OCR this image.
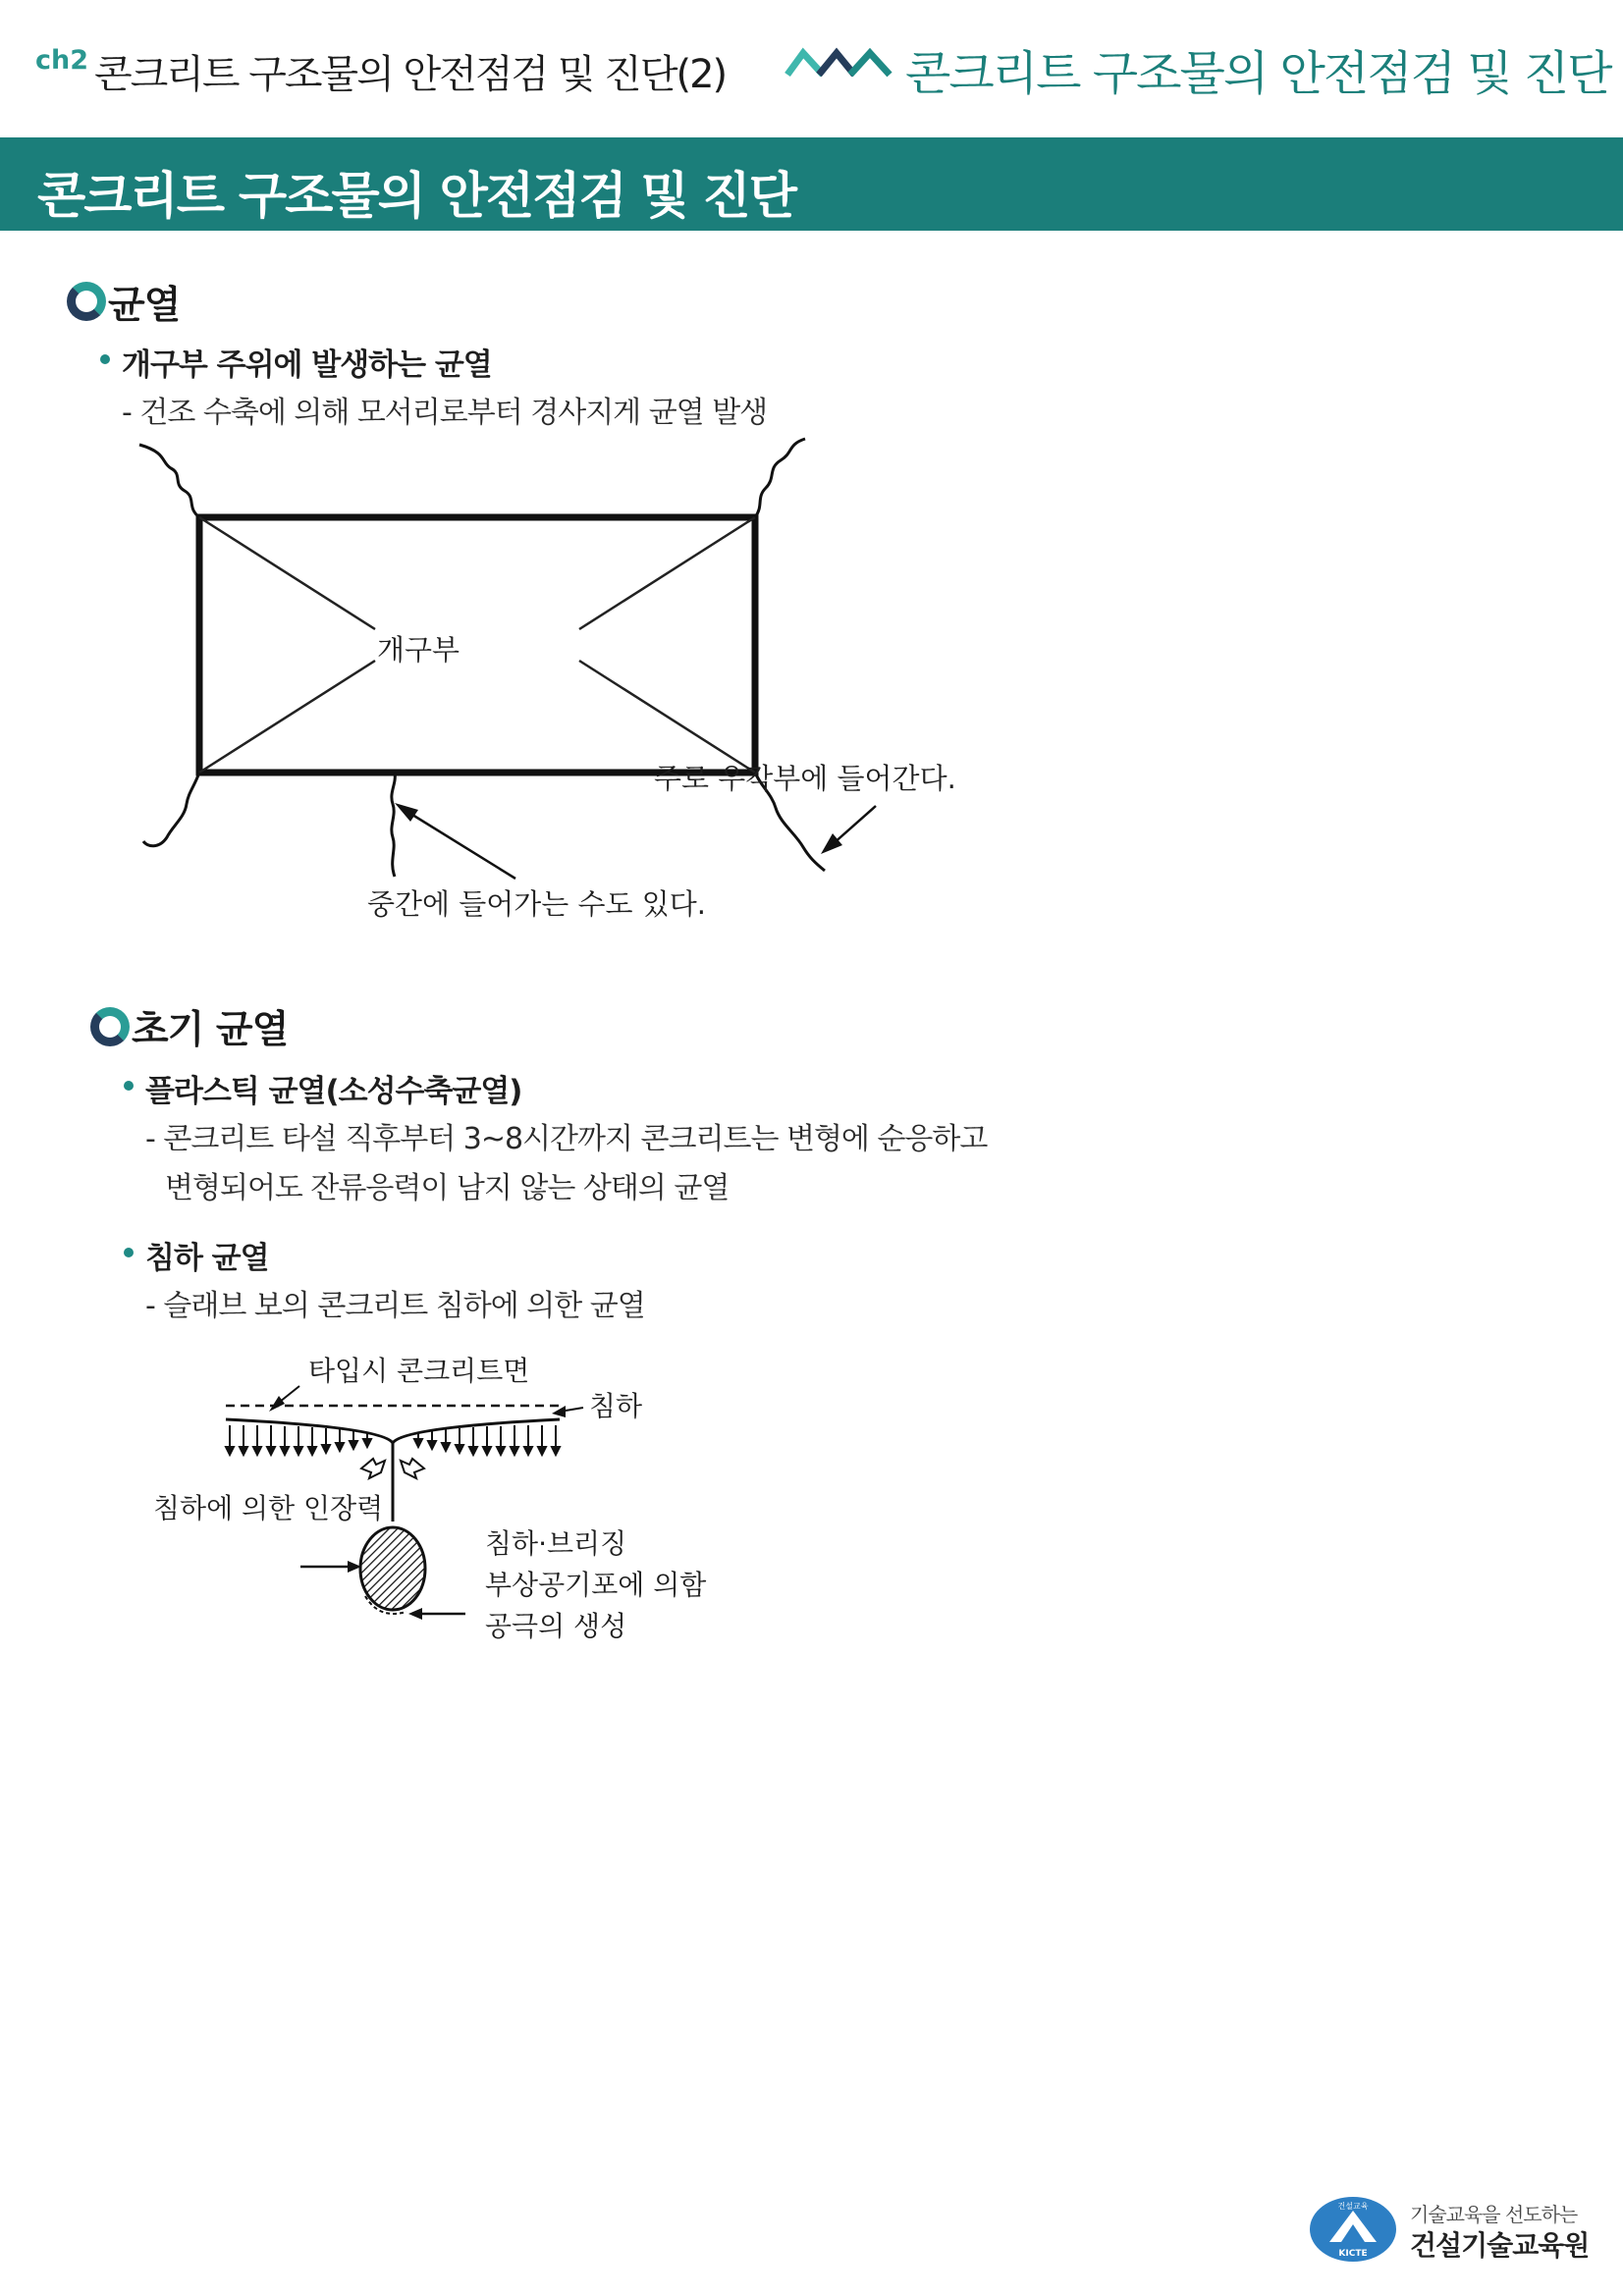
ch2 콘크리트 구조물의 안전점검 및 진단(2)	콘크리트 구조물의 안전점검 및 진단
콘크리트 구조물의 안전점검 및 진단
균열
개구부 주위에 발생하는 균열
- 건조 수축에 의해 모서리로부터 경사지게 균열 발생
개구부
주로 우각부에 들어간다.
중간에 들어가는 수도 있다.
초기 균열
플라스틱 균열(소성수축균열)
- 콘크리트 타설 직후부터 3~8시간까지 콘크리트는 변형에 순응하고
변형되어도 잔류응력이 남지 않는 상태의 균열
침하 균열
- 슬래브 보의 콘크리트 침하에 의한 균열
타입시 콘크리트면
침하
침하에 의한 인장력
침하·브리징
부상공기포에 의함
공극의 생성
건설교육
KICTE
기술교육을 선도하는
건설기술교육원
